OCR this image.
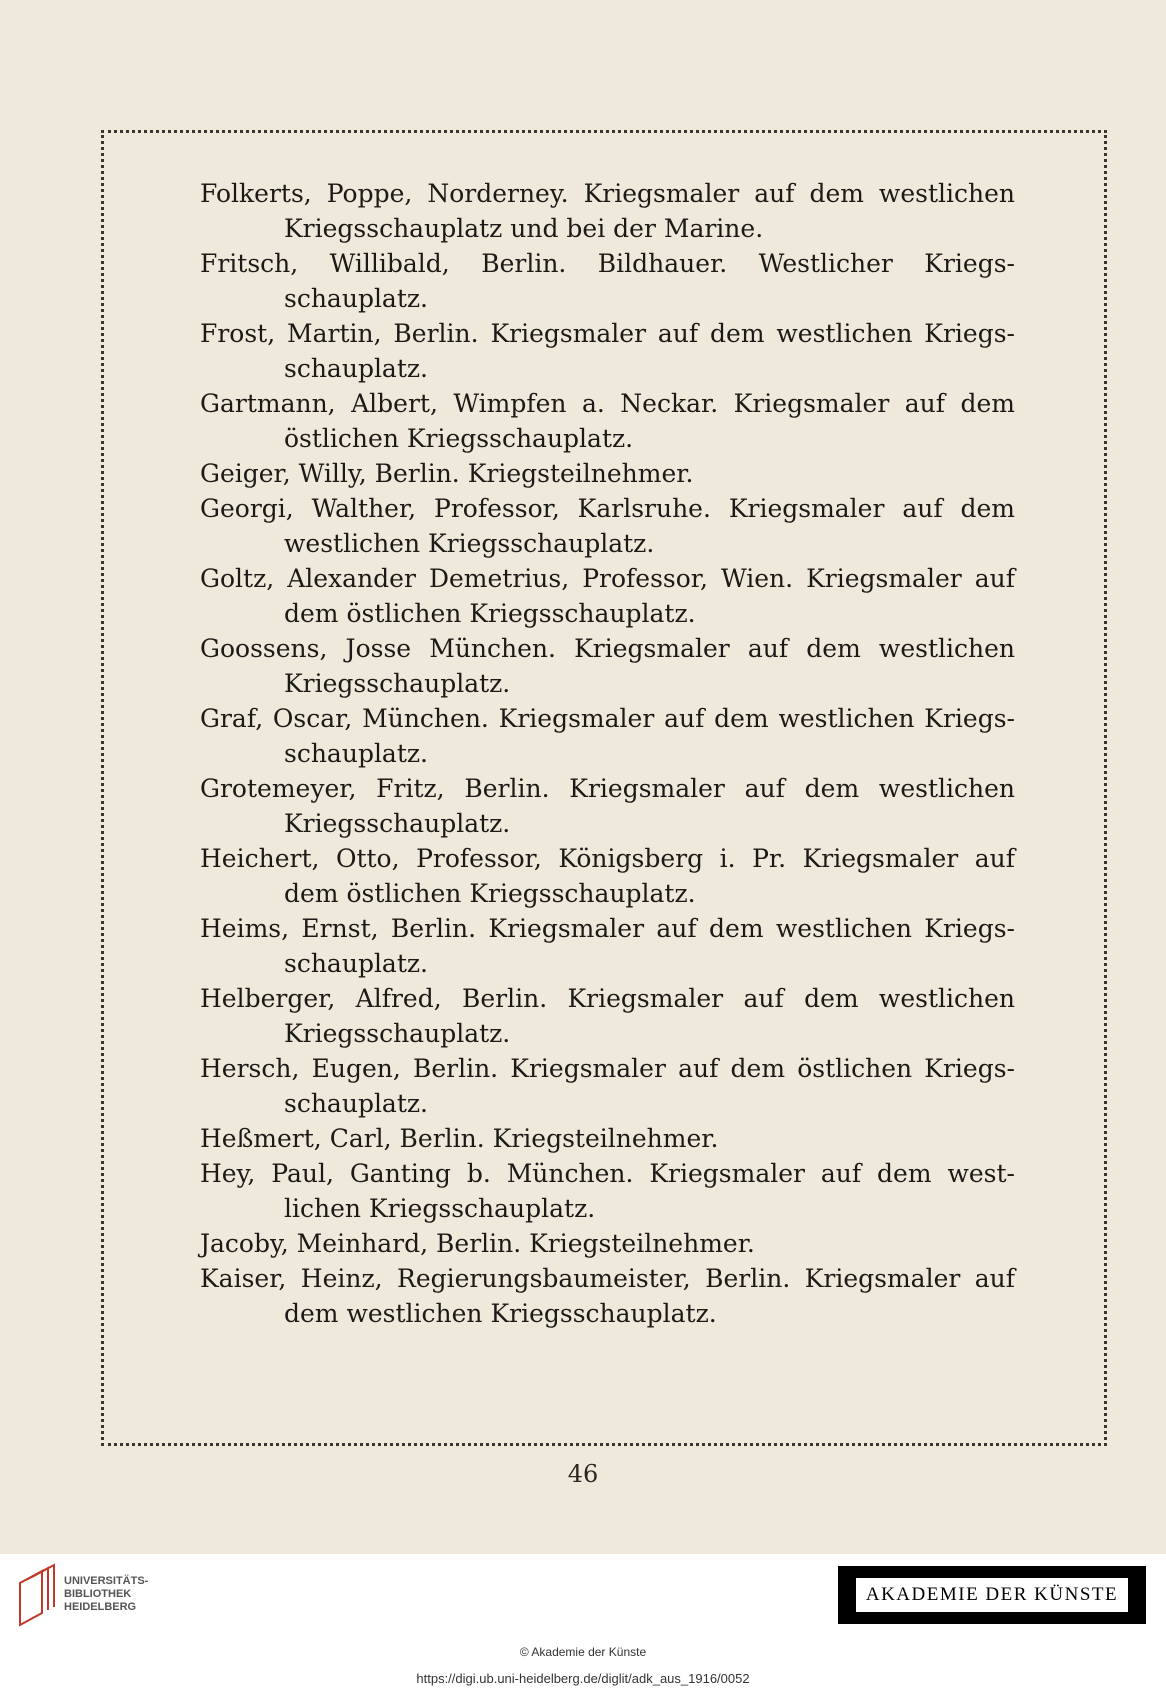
Folkerts, Poppe, Norderney. Kriegsmaler auf dem westlichen Kriegsschauplatz und bei der Marine.
Fritsch, Willibald, Berlin. Bildhauer. Westlicher Kriegs-schauplatz.
Frost, Martin, Berlin. Kriegsmaler auf dem westlichen Kriegs-schauplatz.
Gartmann, Albert, Wimpfen a. Neckar. Kriegsmaler auf dem östlichen Kriegsschauplatz.
Geiger, Willy, Berlin. Kriegsteilnehmer.
Georgi, Walther, Professor, Karlsruhe. Kriegsmaler auf dem westlichen Kriegsschauplatz.
Goltz, Alexander Demetrius, Professor, Wien. Kriegsmaler auf dem östlichen Kriegsschauplatz.
Goossens, Josse München. Kriegsmaler auf dem westlichen Kriegsschauplatz.
Graf, Oscar, München. Kriegsmaler auf dem westlichen Kriegs-schauplatz.
Grotemeyer, Fritz, Berlin. Kriegsmaler auf dem westlichen Kriegsschauplatz.
Heichert, Otto, Professor, Königsberg i. Pr. Kriegsmaler auf dem östlichen Kriegsschauplatz.
Heims, Ernst, Berlin. Kriegsmaler auf dem westlichen Kriegs-schauplatz.
Helberger, Alfred, Berlin. Kriegsmaler auf dem westlichen Kriegsschauplatz.
Hersch, Eugen, Berlin. Kriegsmaler auf dem östlichen Kriegs-schauplatz.
Heßmert, Carl, Berlin. Kriegsteilnehmer.
Hey, Paul, Ganting b. München. Kriegsmaler auf dem west-lichen Kriegsschauplatz.
Jacoby, Meinhard, Berlin. Kriegsteilnehmer.
Kaiser, Heinz, Regierungsbaumeister, Berlin. Kriegsmaler auf dem westlichen Kriegsschauplatz.
46
UNIVERSITÄTS-
BIBLIOTHEK
HEIDELBERG
AKADEMIE DER KÜNSTE
© Akademie der Künste
https://digi.ub.uni-heidelberg.de/diglit/adk_aus_1916/0052
